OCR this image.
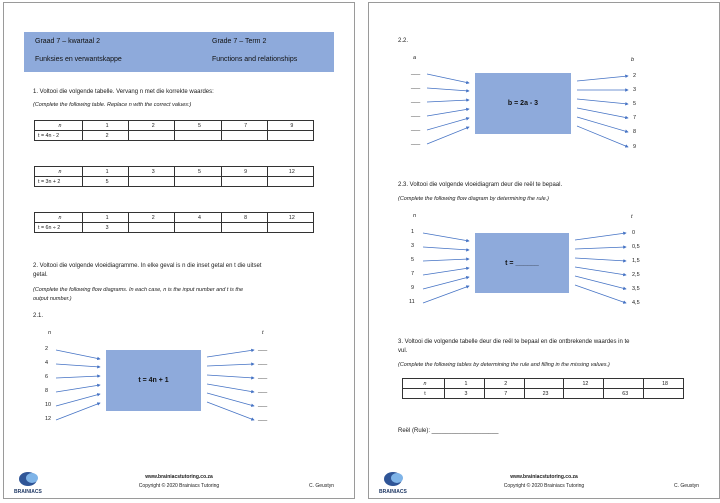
Graad 7 – kwartaal 2
Funksies en verwantskappe
Grade 7 – Term 2
Functions and relationships
1. Voltooi die volgende tabelle. Vervang n met die korrekte waardes:
(Complete the following table. Replace n with the correct values:)
n	1	2	5	7	9
t = 4n - 2	2				
n	1	3	5	9	12
t = 3n + 2	5				
n	1	2	4	8	12
t = 6n ÷ 2	3				
2. Voltooi die volgende vloeidiagramme. In elke geval is n die inset getal en t die uitset
getal.
(Complete the following flow diagrams. In each case, n is the input number and t is the
output number.)
2.1.
n	t
2
4
6
8
10
12
t = 4n + 1
___
___
___
___
___
___
BRAINIACS
www.brainiacstutoring.co.za
Copyright © 2020 Brainiacs Tutoring	C. Geustyn
2.2.
a	b
___
___
___
___
___
___
b = 2a - 3
2
3
5
7
8
9
2.3. Voltooi die volgende vloeidiagram deur die reël te bepaal.
(Complete the following flow diagram by determining the rule.)
n	t
1
3
5
7
9
11
t = ______
0
0,5
1,5
2,5
3,5
4,5
3. Voltooi die volgende tabelle deur die reël te bepaal en die ontbrekende waardes in te
vul.
(Complete the following tables by determining the rule and filling in the missing values.)
n	1	2		12		18
t	3	7	23		63	
Reël (Rule): ____________________
BRAINIACS
www.brainiacstutoring.co.za
Copyright © 2020 Brainiacs Tutoring	C. Geustyn
